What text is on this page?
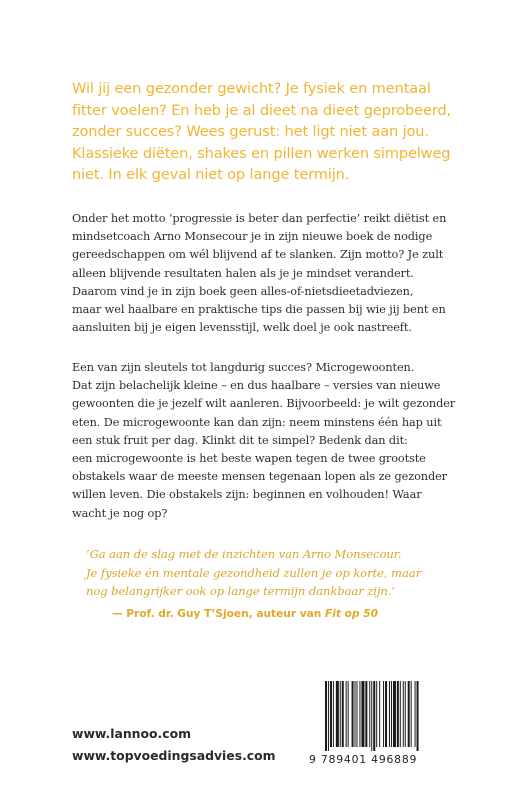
Wil jij een gezonder gewicht? Je fysiek en mentaal

fitter voelen? En heb je al dieet na dieet geprobeerd,

zonder succes? Wees gerust: het ligt niet aan jou.

Klassieke diëten, shakes en pillen werken simpelweg

niet. In elk geval niet op lange termijn.

Onder het motto ‘progressie is beter dan perfectie’ reikt diëtist en

mindsetcoach Arno Monsecour je in zijn nieuwe boek de nodige

gereedschappen om wél blijvend af te slanken. Zijn motto? Je zult

alleen blijvende resultaten halen als je je mindset verandert.

Daarom vind je in zijn boek geen alles-of-nietsdieetadviezen,

maar wel haalbare en praktische tips die passen bij wie jij bent en

aansluiten bij je eigen levensstijl, welk doel je ook nastreeft.

Een van zijn sleutels tot langdurig succes? Microgewoonten.

Dat zijn belachelijk kleine – en dus haalbare – versies van nieuwe

gewoonten die je jezelf wilt aanleren. Bijvoorbeeld: je wilt gezonder

eten. De microgewoonte kan dan zijn: neem minstens één hap uit

een stuk fruit per dag. Klinkt dit te simpel? Bedenk dan dit:

een microgewoonte is het beste wapen tegen de twee grootste

obstakels waar de meeste mensen tegenaan lopen als ze gezonder

willen leven. Die obstakels zijn: beginnen en volhouden! Waar

wacht je nog op?

‘Ga aan de slag met de inzichten van Arno Monsecour.

Je fysieke én mentale gezondheid zullen je op korte, maar

nog belangrijker ook op lange termijn dankbaar zijn.’

— Prof. dr. Guy T’Sjoen, auteur van Fit op 50
www.lannoo.com
www.topvoedingsadvies.com	9 789401 496889
